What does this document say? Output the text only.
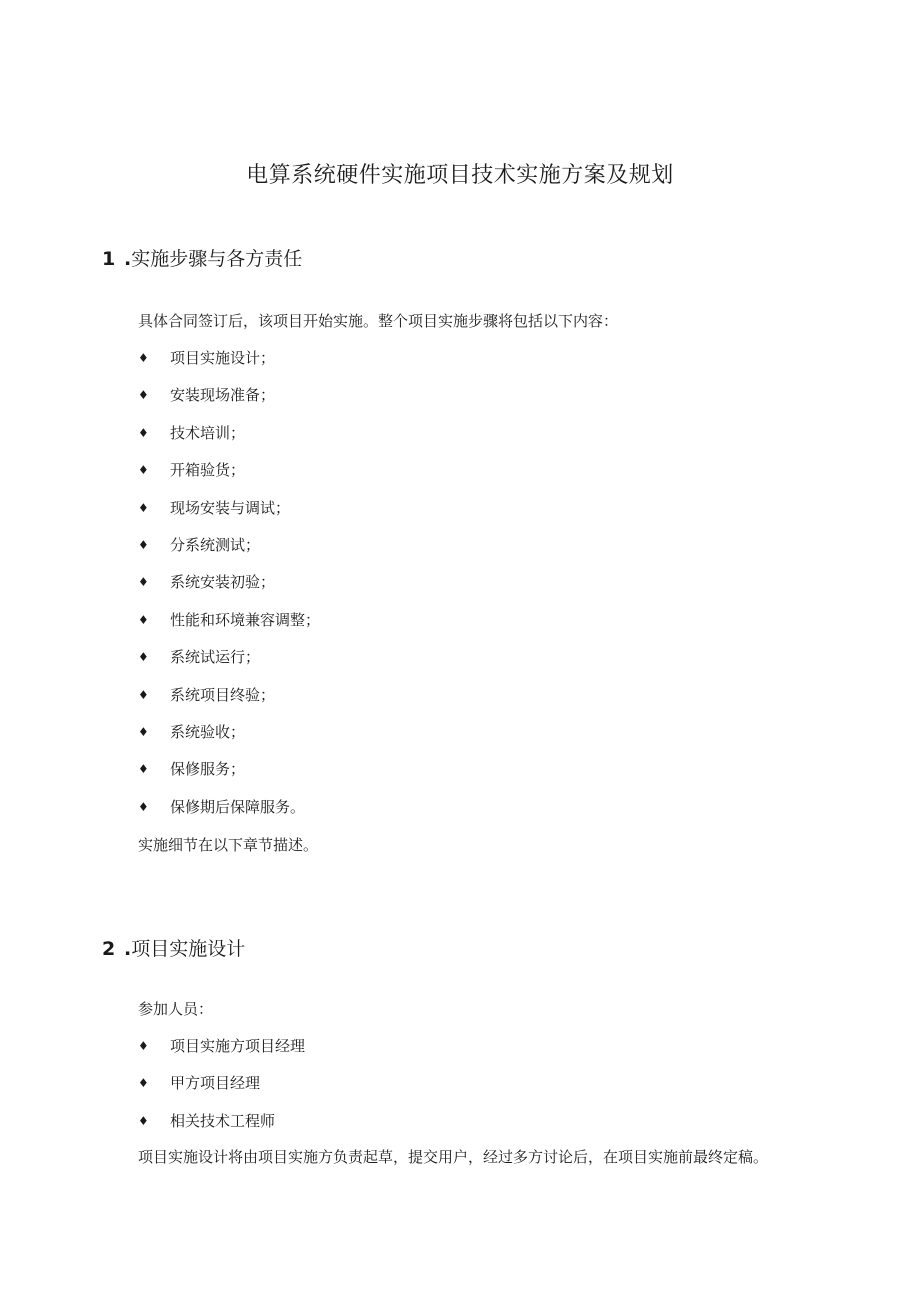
电算系统硬件实施项目技术实施方案及规划
1 .实施步骤与各方责任

具体合同签订后，该项目开始实施。整个项目实施步骤将包括以下内容：

♦	项目实施设计；
♦	安装现场准备；
♦	技术培训；
♦	开箱验货；
♦	现场安装与调试；
♦	分系统测试；
♦	系统安装初验；
♦	性能和环境兼容调整；
♦	系统试运行；
♦	系统项目终验；
♦	系统验收；
♦	保修服务；
♦	保修期后保障服务。

实施细节在以下章节描述。

2 .项目实施设计

参加人员：

♦	项目实施方项目经理
♦	甲方项目经理
♦	相关技术工程师

项目实施设计将由项目实施方负责起草，提交用户，经过多方讨论后，在项目实施前最终定稿。
